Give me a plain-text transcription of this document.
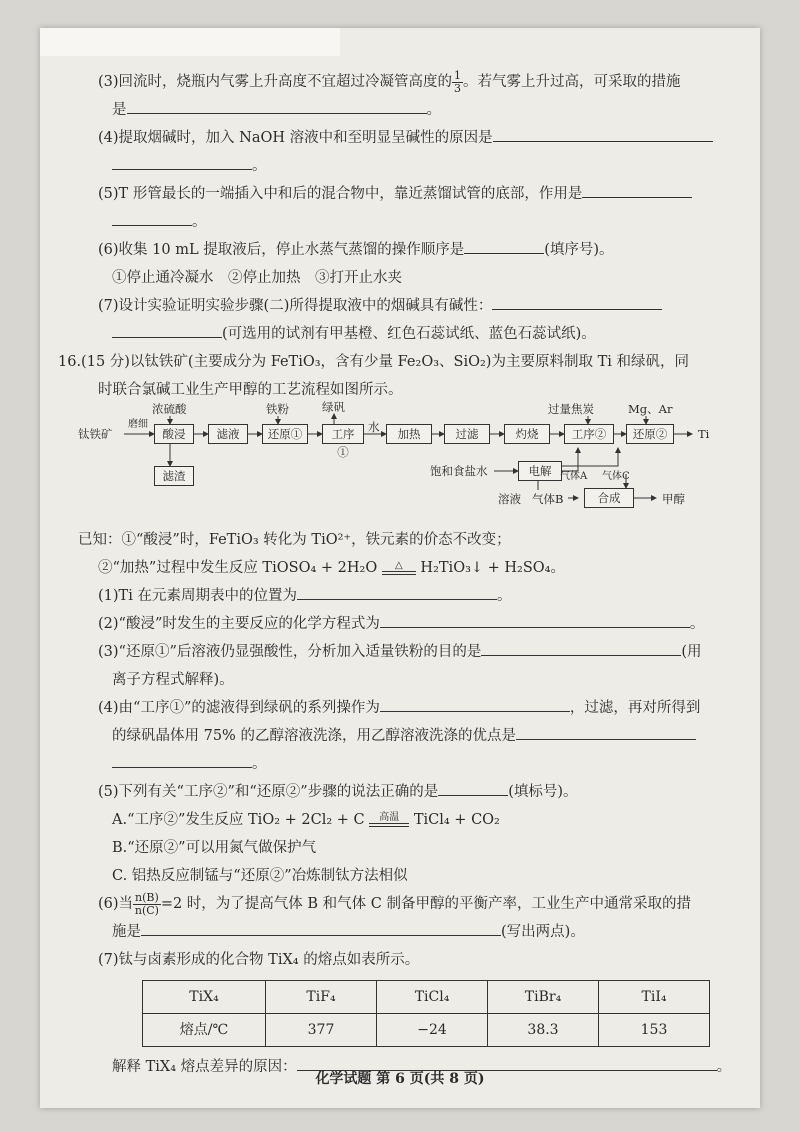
(3)回流时，烧瓶内气雾上升高度不宜超过冷凝管高度的 $\frac{1}{3}$ 。若气雾上升过高，可采取的措施
是	。
(4)提取烟碱时，加入 NaOH 溶液中和至明显呈碱性的原因是
。
(5)T 形管最长的一端插入中和后的混合物中，靠近蒸馏试管的底部，作用是
。
(6)收集 10 mL 提取液后，停止水蒸气蒸馏的操作顺序是	(填序号)。
①停止通冷凝水　②停止加热　③打开止水夹
(7)设计实验证明实验步骤(二)所得提取液中的烟碱具有碱性：
(可选用的试剂有甲基橙、红色石蕊试纸、蓝色石蕊试纸)。
16.(15 分)以钛铁矿(主要成分为 FeTiO₃，含有少量 Fe₂O₃、SiO₂)为主要原料制取 Ti 和绿矾，同
时联合氯碱工业生产甲醇的工艺流程如图所示。
钛铁矿
磨细
浓硫酸
酸浸
滤渣
滤液
铁粉
还原①
绿矾
工序①
水	加热	过滤	灼烧
过量焦炭	Mg、Ar
工序②	还原②	Ti
饱和食盐水	电解 气体A 气体C
溶液 气体B	合成	甲醇
已知：①“酸浸”时，FeTiO₃ 转化为 TiO²⁺，铁元素的价态不改变；
②“加热”过程中发生反应 TiOSO₄ + 2H₂O	△	H₂TiO₃↓ + H₂SO₄。
(1)Ti 在元素周期表中的位置为	。
(2)“酸浸”时发生的主要反应的化学方程式为	。
(3)“还原①”后溶液仍显强酸性，分析加入适量铁粉的目的是	(用
离子方程式解释)。
(4)由“工序①”的滤液得到绿矾的系列操作为	，过滤，再对所得到
的绿矾晶体用 75% 的乙醇溶液洗涤，用乙醇溶液洗涤的优点是
。
(5)下列有关“工序②”和“还原②”步骤的说法正确的是	(填标号)。
A.“工序②”发生反应 TiO₂ + 2Cl₂ + C	高温	TiCl₄ + CO₂
B.“还原②”可以用氮气做保护气
C. 铝热反应制锰与“还原②”冶炼制钛方法相似
(6)当 $\frac{n(B)}{n(C)} =2$ 时，为了提高气体 B 和气体 C 制备甲醇的平衡产率，工业生产中通常采取的措
施是	(写出两点)。
(7)钛与卤素形成的化合物 TiX₄ 的熔点如表所示。
TiX₄	TiF₄	TiCl₄	TiBr₄	TiI₄
熔点/℃	377	−24	38.3	153
解释 TiX₄ 熔点差异的原因：	。
化学试题 第 6 页(共 8 页)
